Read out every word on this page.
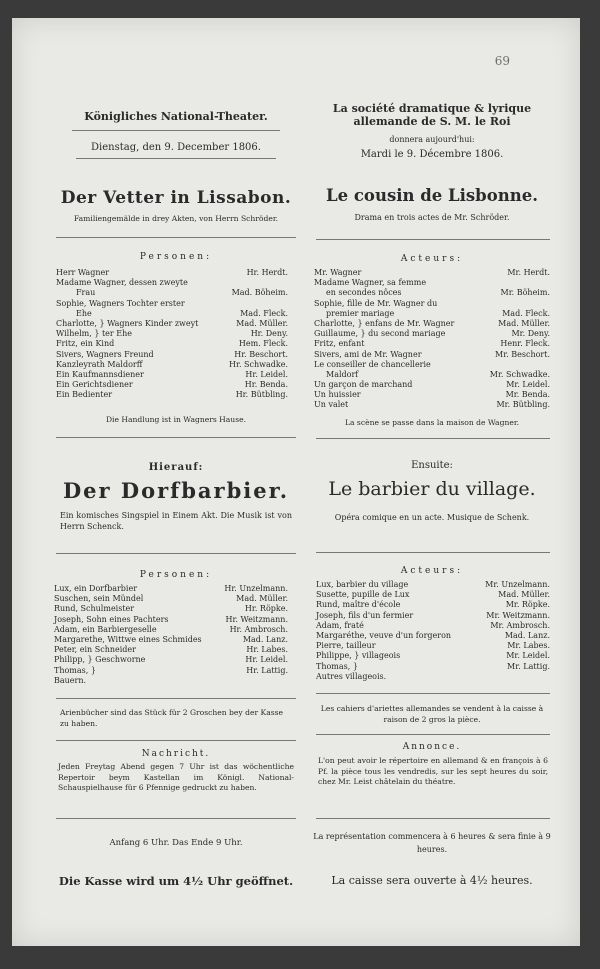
69
Königliches National-Theater.
Dienstag, den 9. December 1806.
Der Vetter in Lissabon.
Familiengemälde in drey Akten, von Herrn Schröder.
Personen:
Herr Wagner	Hr. Herdt.
Madame Wagner, dessen zweyte
Frau	Mad. Böheim.
Sophie, Wagners Tochter erster
Ehe	Mad. Fleck.
Charlotte, } Wagners Kinder zweyt	Mad. Müller.
Wilhelm, } ter Ehe	Hr. Deny.
Fritz, ein Kind	Hem. Fleck.
Sivers, Wagners Freund	Hr. Beschort.
Kanzleyrath Maldorff	Hr. Schwadke.
Ein Kaufmannsdiener	Hr. Leidel.
Ein Gerichtsdiener	Hr. Benda.
Ein Bedienter	Hr. Bütbling.
Die Handlung ist in Wagners Hause.
Hierauf:
Der Dorfbarbier.
Ein komisches Singspiel in Einem Akt. Die Musik ist von Herrn Schenck.
Personen:
Lux, ein Dorfbarbier	Hr. Unzelmann.
Suschen, sein Mündel	Mad. Müller.
Rund, Schulmeister	Hr. Röpke.
Joseph, Sohn eines Pachters	Hr. Weitzmann.
Adam, ein Barbiergeselle	Hr. Ambrosch.
Margarethe, Wittwe eines Schmides	Mad. Lanz.
Peter, ein Schneider	Hr. Labes.
Philipp, } Geschworne	Hr. Leidel.
Thomas, }	Hr. Lattig.
Bauern.
Arienbücher sind das Stück für 2 Groschen bey der Kasse zu haben.
Nachricht.
Jeden Freytag Abend gegen 7 Uhr ist das wöchentliche Repertoir beym Kastellan im Königl. National-Schauspielhause für 6 Pfennige gedruckt zu haben.
Anfang 6 Uhr. Das Ende 9 Uhr.
Die Kasse wird um 4½ Uhr geöffnet.
La société dramatique & lyrique
allemande de S. M. le Roi
donnera aujourd'hui:
Mardi le 9. Décembre 1806.
Le cousin de Lisbonne.
Drama en trois actes de Mr. Schröder.
Acteurs:
Mr. Wagner	Mr. Herdt.
Madame Wagner, sa femme
en secondes nôces	Mr. Böheim.
Sophie, fille de Mr. Wagner du
premier mariage	Mad. Fleck.
Charlotte, } enfans de Mr. Wagner	Mad. Müller.
Guillaume, } du second mariage	Mr. Deny.
Fritz, enfant	Henr. Fleck.
Sivers, ami de Mr. Wagner	Mr. Beschort.
Le conseiller de chancellerie
Maldorf	Mr. Schwadke.
Un garçon de marchand	Mr. Leidel.
Un huissier	Mr. Benda.
Un valet	Mr. Bütbling.
La scène se passe dans la maison de Wagner.
Ensuite:
Le barbier du village.
Opéra comique en un acte. Musique de Schenk.
Acteurs:
Lux, barbier du village	Mr. Unzelmann.
Susette, pupille de Lux	Mad. Müller.
Rund, maître d'école	Mr. Röpke.
Joseph, fils d'un fermier	Mr. Weitzmann.
Adam, fraté	Mr. Ambrosch.
Margaréthe, veuve d'un forgeron	Mad. Lanz.
Pierre, tailleur	Mr. Labes.
Philippe, } villageois	Mr. Leidel.
Thomas, }	Mr. Lattig.
Autres villageois.
Les cahiers d'ariettes allemandes se vendent à la caisse à raison de 2 gros la pièce.
Annonce.
L'on peut avoir le répertoire en allemand & en françois à 6 Pf. la pièce tous les vendredis, sur les sept heures du soir, chez Mr. Leist châtelain du théatre.
La représentation commencera à 6 heures & sera finie à 9 heures.
La caisse sera ouverte à 4½ heures.
